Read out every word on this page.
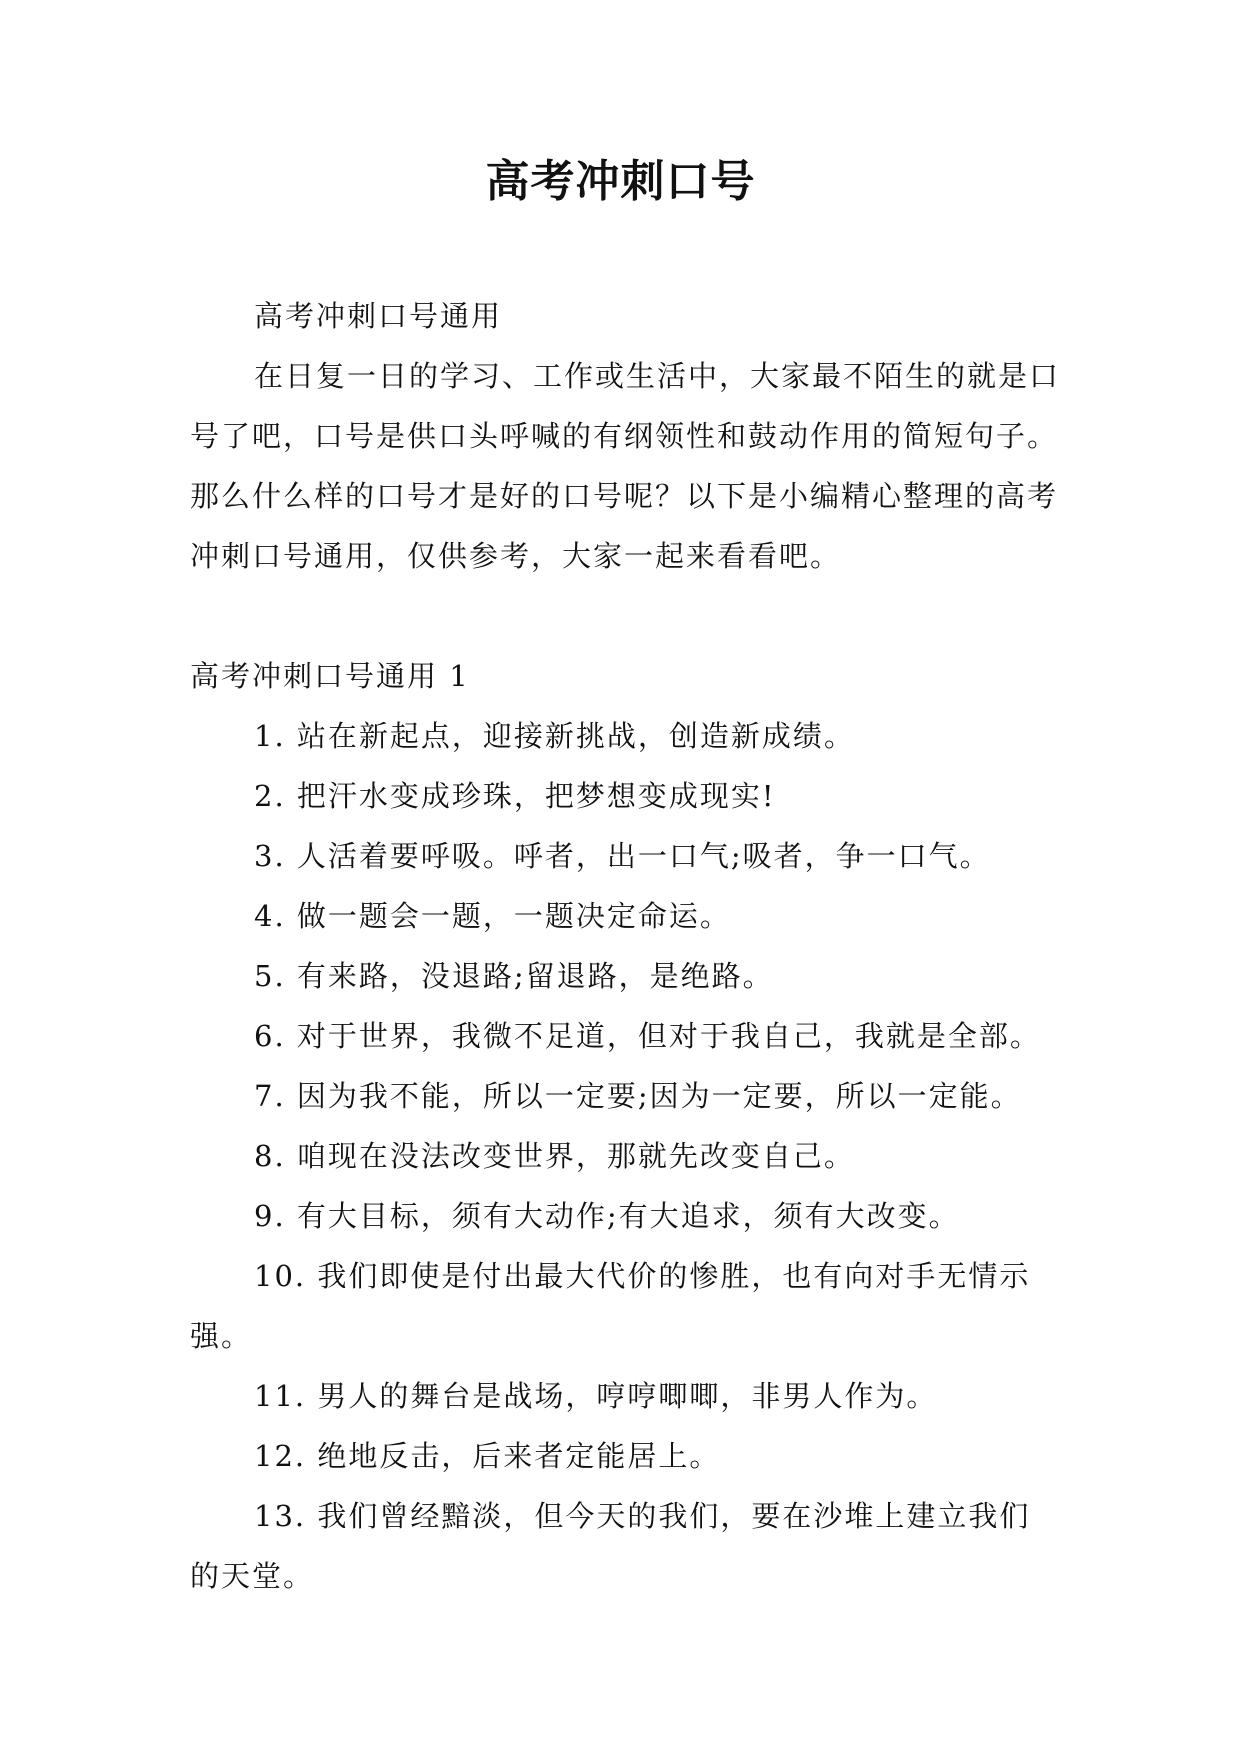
高考冲刺口号

高考冲刺口号通用

在日复一日的学习、工作或生活中，大家最不陌生的就是口号了吧，口号是供口头呼喊的有纲领性和鼓动作用的简短句子。那么什么样的口号才是好的口号呢？以下是小编精心整理的高考冲刺口号通用，仅供参考，大家一起来看看吧。

高考冲刺口号通用 1

1. 站在新起点，迎接新挑战，创造新成绩。

2. 把汗水变成珍珠，把梦想变成现实!

3. 人活着要呼吸。呼者，出一口气;吸者，争一口气。

4. 做一题会一题，一题决定命运。

5. 有来路，没退路;留退路，是绝路。

6. 对于世界，我微不足道，但对于我自己，我就是全部。

7. 因为我不能，所以一定要;因为一定要，所以一定能。

8. 咱现在没法改变世界，那就先改变自己。

9. 有大目标，须有大动作;有大追求，须有大改变。

10. 我们即使是付出最大代价的惨胜，也有向对手无情示强。

11. 男人的舞台是战场，哼哼唧唧，非男人作为。

12. 绝地反击，后来者定能居上。

13. 我们曾经黯淡，但今天的我们，要在沙堆上建立我们的天堂。
